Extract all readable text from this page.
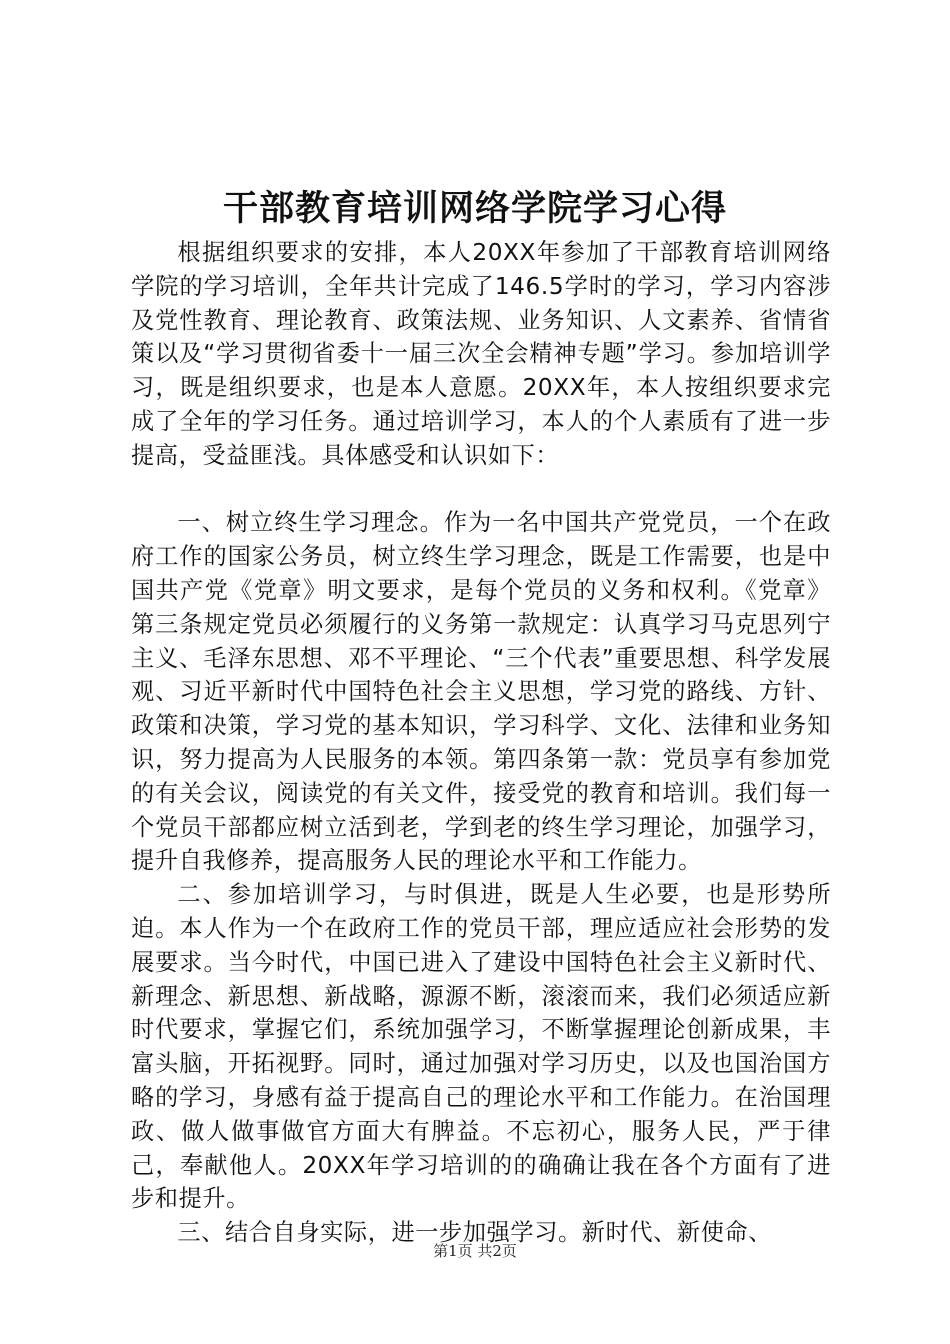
干部教育培训网络学院学习心得

根据组织要求的安排，本人20XX年参加了干部教育培训网络学院的学习培训，全年共计完成了146.5学时的学习，学习内容涉及党性教育、理论教育、政策法规、业务知识、人文素养、省情省策以及“学习贯彻省委十一届三次全会精神专题”学习。参加培训学习，既是组织要求，也是本人意愿。20XX年，本人按组织要求完成了全年的学习任务。通过培训学习，本人的个人素质有了进一步提高，受益匪浅。具体感受和认识如下：

一、树立终生学习理念。作为一名中国共产党党员，一个在政府工作的国家公务员，树立终生学习理念，既是工作需要，也是中国共产党《党章》明文要求，是每个党员的义务和权利。《党章》第三条规定党员必须履行的义务第一款规定：认真学习马克思列宁主义、毛泽东思想、邓不平理论、“三个代表”重要思想、科学发展观、习近平新时代中国特色社会主义思想，学习党的路线、方针、政策和决策，学习党的基本知识，学习科学、文化、法律和业务知识，努力提高为人民服务的本领。第四条第一款：党员享有参加党的有关会议，阅读党的有关文件，接受党的教育和培训。我们每一个党员干部都应树立活到老，学到老的终生学习理论，加强学习，提升自我修养，提高服务人民的理论水平和工作能力。

二、参加培训学习，与时俱进，既是人生必要，也是形势所迫。本人作为一个在政府工作的党员干部，理应适应社会形势的发展要求。当今时代，中国已进入了建设中国特色社会主义新时代、新理念、新思想、新战略，源源不断，滚滚而来，我们必须适应新时代要求，掌握它们，系统加强学习，不断掌握理论创新成果，丰富头脑，开拓视野。同时，通过加强对学习历史，以及也国治国方略的学习，身感有益于提高自己的理论水平和工作能力。在治国理政、做人做事做官方面大有脾益。不忘初心，服务人民，严于律己，奉献他人。20XX年学习培训的的确确让我在各个方面有了进步和提升。

三、结合自身实际，进一步加强学习。新时代、新使命、

第1页 共2页
